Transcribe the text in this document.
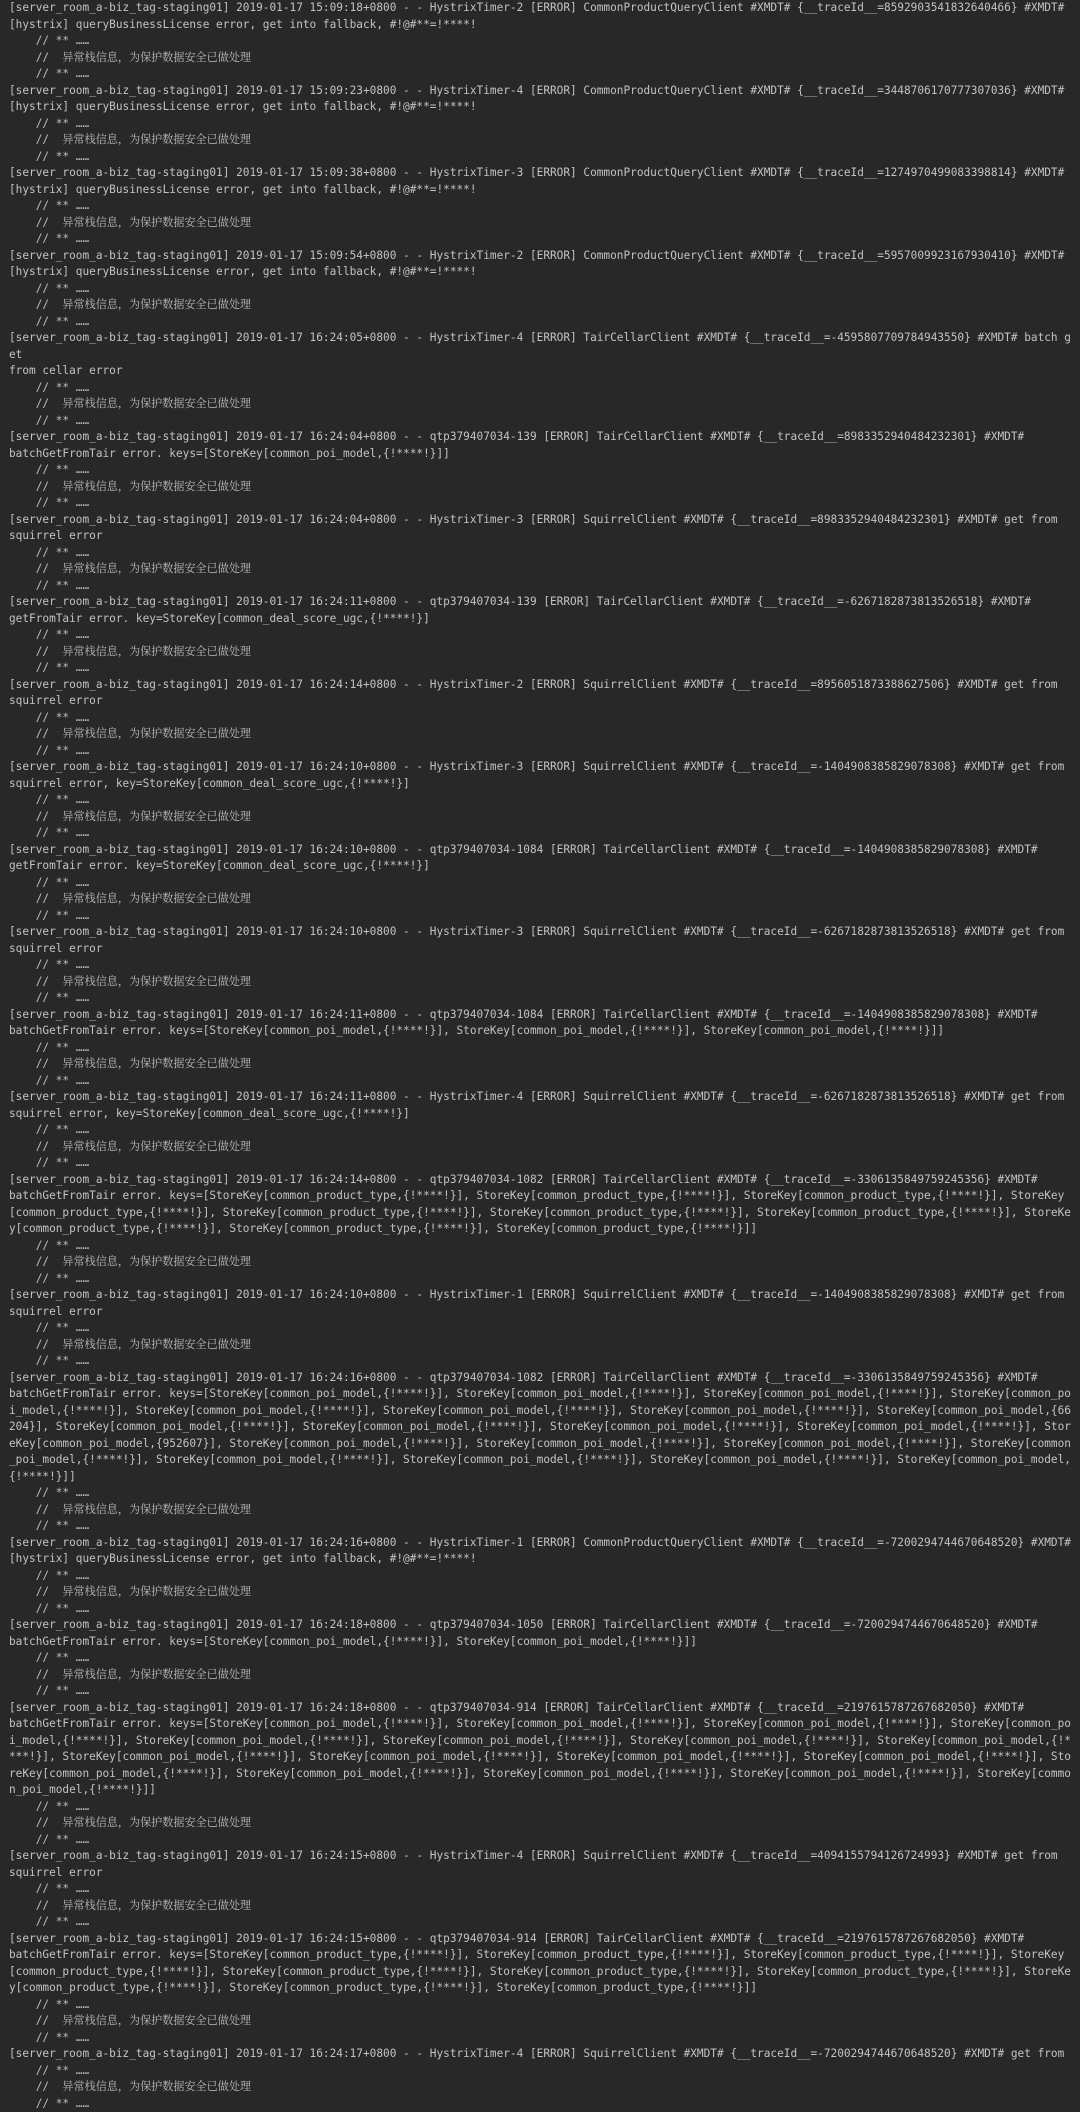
[server_room_a-biz_tag-staging01] 2019-01-17 15:09:18+0800 - - HystrixTimer-2 [ERROR] CommonProductQueryClient #XMDT# {__traceId__=8592903541832640466} #XMDT#
[hystrix] queryBusinessLicense error, get into fallback, #!@#**=!****!
// ** ……
//  异常栈信息，为保护数据安全已做处理
// ** ……
[server_room_a-biz_tag-staging01] 2019-01-17 15:09:23+0800 - - HystrixTimer-4 [ERROR] CommonProductQueryClient #XMDT# {__traceId__=3448706170777307036} #XMDT#
[hystrix] queryBusinessLicense error, get into fallback, #!@#**=!****!
// ** ……
//  异常栈信息，为保护数据安全已做处理
// ** ……
[server_room_a-biz_tag-staging01] 2019-01-17 15:09:38+0800 - - HystrixTimer-3 [ERROR] CommonProductQueryClient #XMDT# {__traceId__=1274970499083398814} #XMDT#
[hystrix] queryBusinessLicense error, get into fallback, #!@#**=!****!
// ** ……
//  异常栈信息，为保护数据安全已做处理
// ** ……
[server_room_a-biz_tag-staging01] 2019-01-17 15:09:54+0800 - - HystrixTimer-2 [ERROR] CommonProductQueryClient #XMDT# {__traceId__=5957009923167930410} #XMDT#
[hystrix] queryBusinessLicense error, get into fallback, #!@#**=!****!
// ** ……
//  异常栈信息，为保护数据安全已做处理
// ** ……
[server_room_a-biz_tag-staging01] 2019-01-17 16:24:05+0800 - - HystrixTimer-4 [ERROR] TairCellarClient #XMDT# {__traceId__=-4595807709784943550} #XMDT# batch get
from cellar error
// ** ……
//  异常栈信息，为保护数据安全已做处理
// ** ……
[server_room_a-biz_tag-staging01] 2019-01-17 16:24:04+0800 - - qtp379407034-139 [ERROR] TairCellarClient #XMDT# {__traceId__=8983352940484232301} #XMDT#
batchGetFromTair error. keys=[StoreKey[common_poi_model,{!****!}]]
// ** ……
//  异常栈信息，为保护数据安全已做处理
// ** ……
[server_room_a-biz_tag-staging01] 2019-01-17 16:24:04+0800 - - HystrixTimer-3 [ERROR] SquirrelClient #XMDT# {__traceId__=8983352940484232301} #XMDT# get from
squirrel error
// ** ……
//  异常栈信息，为保护数据安全已做处理
// ** ……
[server_room_a-biz_tag-staging01] 2019-01-17 16:24:11+0800 - - qtp379407034-139 [ERROR] TairCellarClient #XMDT# {__traceId__=-6267182873813526518} #XMDT#
getFromTair error. key=StoreKey[common_deal_score_ugc,{!****!}]
// ** ……
//  异常栈信息，为保护数据安全已做处理
// ** ……
[server_room_a-biz_tag-staging01] 2019-01-17 16:24:14+0800 - - HystrixTimer-2 [ERROR] SquirrelClient #XMDT# {__traceId__=8956051873388627506} #XMDT# get from
squirrel error
// ** ……
//  异常栈信息，为保护数据安全已做处理
// ** ……
[server_room_a-biz_tag-staging01] 2019-01-17 16:24:10+0800 - - HystrixTimer-3 [ERROR] SquirrelClient #XMDT# {__traceId__=-1404908385829078308} #XMDT# get from
squirrel error, key=StoreKey[common_deal_score_ugc,{!****!}]
// ** ……
//  异常栈信息，为保护数据安全已做处理
// ** ……
[server_room_a-biz_tag-staging01] 2019-01-17 16:24:10+0800 - - qtp379407034-1084 [ERROR] TairCellarClient #XMDT# {__traceId__=-1404908385829078308} #XMDT#
getFromTair error. key=StoreKey[common_deal_score_ugc,{!****!}]
// ** ……
//  异常栈信息，为保护数据安全已做处理
// ** ……
[server_room_a-biz_tag-staging01] 2019-01-17 16:24:10+0800 - - HystrixTimer-3 [ERROR] SquirrelClient #XMDT# {__traceId__=-6267182873813526518} #XMDT# get from
squirrel error
// ** ……
//  异常栈信息，为保护数据安全已做处理
// ** ……
[server_room_a-biz_tag-staging01] 2019-01-17 16:24:11+0800 - - qtp379407034-1084 [ERROR] TairCellarClient #XMDT# {__traceId__=-1404908385829078308} #XMDT#
batchGetFromTair error. keys=[StoreKey[common_poi_model,{!****!}], StoreKey[common_poi_model,{!****!}], StoreKey[common_poi_model,{!****!}]]
// ** ……
//  异常栈信息，为保护数据安全已做处理
// ** ……
[server_room_a-biz_tag-staging01] 2019-01-17 16:24:11+0800 - - HystrixTimer-4 [ERROR] SquirrelClient #XMDT# {__traceId__=-6267182873813526518} #XMDT# get from
squirrel error, key=StoreKey[common_deal_score_ugc,{!****!}]
// ** ……
//  异常栈信息，为保护数据安全已做处理
// ** ……
[server_room_a-biz_tag-staging01] 2019-01-17 16:24:14+0800 - - qtp379407034-1082 [ERROR] TairCellarClient #XMDT# {__traceId__=-3306135849759245356} #XMDT#
batchGetFromTair error. keys=[StoreKey[common_product_type,{!****!}], StoreKey[common_product_type,{!****!}], StoreKey[common_product_type,{!****!}], StoreKey[common_product_type,{!****!}], StoreKey[common_product_type,{!****!}], StoreKey[common_product_type,{!****!}], StoreKey[common_product_type,{!****!}], StoreKey[common_product_type,{!****!}], StoreKey[common_product_type,{!****!}], StoreKey[common_product_type,{!****!}]]
// ** ……
//  异常栈信息，为保护数据安全已做处理
// ** ……
[server_room_a-biz_tag-staging01] 2019-01-17 16:24:10+0800 - - HystrixTimer-1 [ERROR] SquirrelClient #XMDT# {__traceId__=-1404908385829078308} #XMDT# get from
squirrel error
// ** ……
//  异常栈信息，为保护数据安全已做处理
// ** ……
[server_room_a-biz_tag-staging01] 2019-01-17 16:24:16+0800 - - qtp379407034-1082 [ERROR] TairCellarClient #XMDT# {__traceId__=-3306135849759245356} #XMDT#
batchGetFromTair error. keys=[StoreKey[common_poi_model,{!****!}], StoreKey[common_poi_model,{!****!}], StoreKey[common_poi_model,{!****!}], StoreKey[common_poi_model,{!****!}], StoreKey[common_poi_model,{!****!}], StoreKey[common_poi_model,{!****!}], StoreKey[common_poi_model,{!****!}], StoreKey[common_poi_model,{66204}], StoreKey[common_poi_model,{!****!}], StoreKey[common_poi_model,{!****!}], StoreKey[common_poi_model,{!****!}], StoreKey[common_poi_model,{!****!}], StoreKey[common_poi_model,{952607}], StoreKey[common_poi_model,{!****!}], StoreKey[common_poi_model,{!****!}], StoreKey[common_poi_model,{!****!}], StoreKey[common_poi_model,{!****!}], StoreKey[common_poi_model,{!****!}], StoreKey[common_poi_model,{!****!}], StoreKey[common_poi_model,{!****!}], StoreKey[common_poi_model,{!****!}]]
// ** ……
//  异常栈信息，为保护数据安全已做处理
// ** ……
[server_room_a-biz_tag-staging01] 2019-01-17 16:24:16+0800 - - HystrixTimer-1 [ERROR] CommonProductQueryClient #XMDT# {__traceId__=-7200294744670648520} #XMDT#
[hystrix] queryBusinessLicense error, get into fallback, #!@#**=!****!
// ** ……
//  异常栈信息，为保护数据安全已做处理
// ** ……
[server_room_a-biz_tag-staging01] 2019-01-17 16:24:18+0800 - - qtp379407034-1050 [ERROR] TairCellarClient #XMDT# {__traceId__=-7200294744670648520} #XMDT#
batchGetFromTair error. keys=[StoreKey[common_poi_model,{!****!}], StoreKey[common_poi_model,{!****!}]]
// ** ……
//  异常栈信息，为保护数据安全已做处理
// ** ……
[server_room_a-biz_tag-staging01] 2019-01-17 16:24:18+0800 - - qtp379407034-914 [ERROR] TairCellarClient #XMDT# {__traceId__=2197615787267682050} #XMDT#
batchGetFromTair error. keys=[StoreKey[common_poi_model,{!****!}], StoreKey[common_poi_model,{!****!}], StoreKey[common_poi_model,{!****!}], StoreKey[common_poi_model,{!****!}], StoreKey[common_poi_model,{!****!}], StoreKey[common_poi_model,{!****!}], StoreKey[common_poi_model,{!****!}], StoreKey[common_poi_model,{!****!}], StoreKey[common_poi_model,{!****!}], StoreKey[common_poi_model,{!****!}], StoreKey[common_poi_model,{!****!}], StoreKey[common_poi_model,{!****!}], StoreKey[common_poi_model,{!****!}], StoreKey[common_poi_model,{!****!}], StoreKey[common_poi_model,{!****!}], StoreKey[common_poi_model,{!****!}], StoreKey[common_poi_model,{!****!}]]
// ** ……
//  异常栈信息，为保护数据安全已做处理
// ** ……
[server_room_a-biz_tag-staging01] 2019-01-17 16:24:15+0800 - - HystrixTimer-4 [ERROR] SquirrelClient #XMDT# {__traceId__=4094155794126724993} #XMDT# get from
squirrel error
// ** ……
//  异常栈信息，为保护数据安全已做处理
// ** ……
[server_room_a-biz_tag-staging01] 2019-01-17 16:24:15+0800 - - qtp379407034-914 [ERROR] TairCellarClient #XMDT# {__traceId__=2197615787267682050} #XMDT#
batchGetFromTair error. keys=[StoreKey[common_product_type,{!****!}], StoreKey[common_product_type,{!****!}], StoreKey[common_product_type,{!****!}], StoreKey[common_product_type,{!****!}], StoreKey[common_product_type,{!****!}], StoreKey[common_product_type,{!****!}], StoreKey[common_product_type,{!****!}], StoreKey[common_product_type,{!****!}], StoreKey[common_product_type,{!****!}], StoreKey[common_product_type,{!****!}]]
// ** ……
//  异常栈信息，为保护数据安全已做处理
// ** ……
[server_room_a-biz_tag-staging01] 2019-01-17 16:24:17+0800 - - HystrixTimer-4 [ERROR] SquirrelClient #XMDT# {__traceId__=-7200294744670648520} #XMDT# get from
// ** ……
//  异常栈信息，为保护数据安全已做处理
// ** ……
